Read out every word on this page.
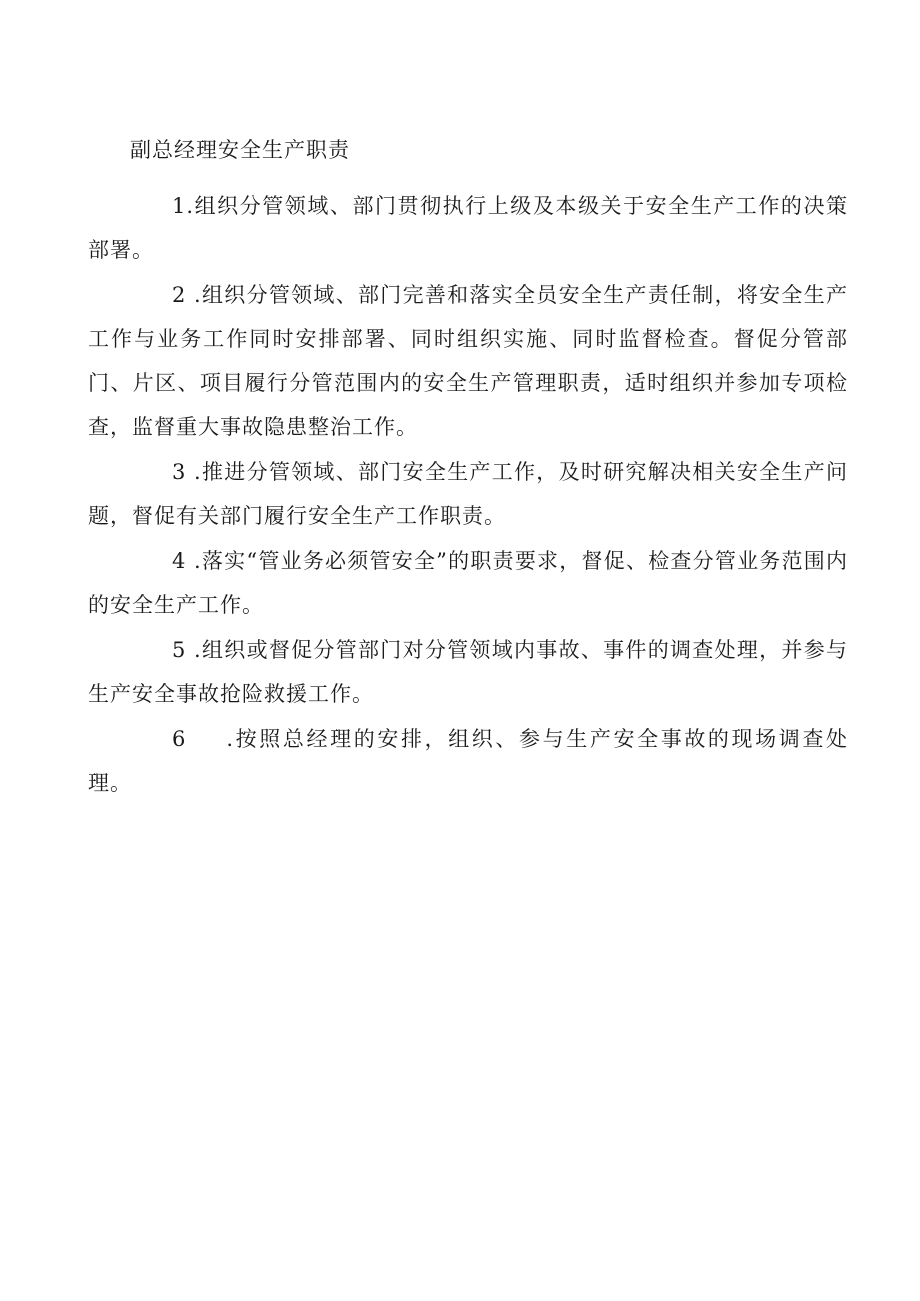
副总经理安全生产职责

1.组织分管领域、部门贯彻执行上级及本级关于安全生产工作的决策部署。

2 .组织分管领域、部门完善和落实全员安全生产责任制，将安全生产工作与业务工作同时安排部署、同时组织实施、同时监督检查。督促分管部门、片区、项目履行分管范围内的安全生产管理职责，适时组织并参加专项检查，监督重大事故隐患整治工作。

3 .推进分管领域、部门安全生产工作，及时研究解决相关安全生产问题，督促有关部门履行安全生产工作职责。

4 .落实“管业务必须管安全”的职责要求，督促、检查分管业务范围内的安全生产工作。

5 .组织或督促分管部门对分管领域内事故、事件的调查处理，并参与生产安全事故抢险救援工作。

6 .按照总经理的安排，组织、参与生产安全事故的现场调查处理。
